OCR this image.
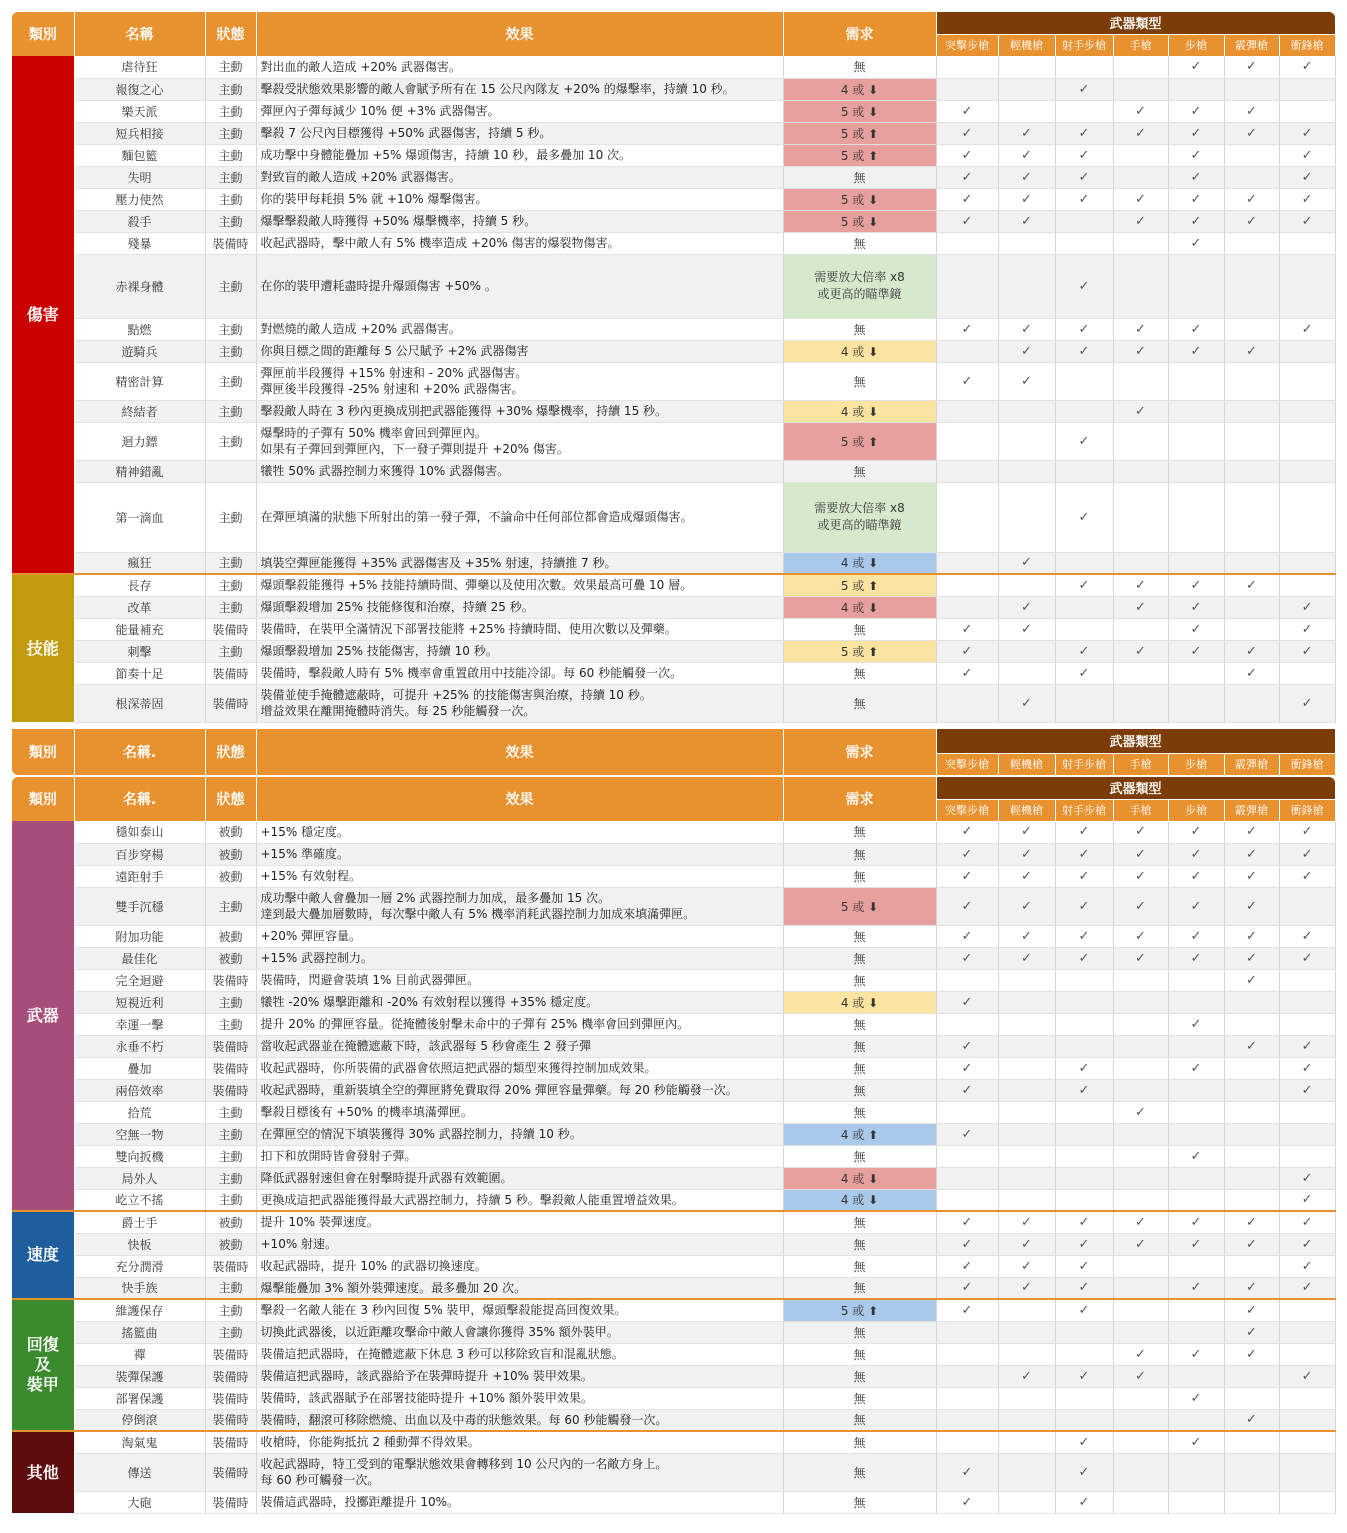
類別	名稱	狀態	效果	需求	武器類型						
					突擊步槍	輕機槍	射手步槍	手槍	步槍	霰彈槍	衝鋒槍
傷害	虐待狂	主動	對出血的敵人造成 +20% 武器傷害。	無					✓	✓	✓
	報復之心	主動	擊殺受狀態效果影響的敵人會賦予所有在 15 公尺內隊友 +20% 的爆擊率，持續 10 秒。	4 或 ⬇			✓				
	樂天派	主動	彈匣內子彈每減少 10% 便 +3% 武器傷害。	5 或 ⬇	✓			✓	✓	✓	
	短兵相接	主動	擊殺 7 公尺內目標獲得 +50% 武器傷害，持續 5 秒。	5 或 ⬆	✓	✓	✓	✓	✓	✓	✓
	麵包籃	主動	成功擊中身體能疊加 +5% 爆頭傷害，持續 10 秒，最多疊加 10 次。	5 或 ⬆	✓	✓	✓		✓		✓
	失明	主動	對致盲的敵人造成 +20% 武器傷害。	無	✓	✓	✓		✓		✓
	壓力使然	主動	你的裝甲每耗損 5% 就 +10% 爆擊傷害。	5 或 ⬇	✓	✓	✓	✓	✓	✓	✓
	殺手	主動	爆擊擊殺敵人時獲得 +50% 爆擊機率，持續 5 秒。	5 或 ⬇	✓	✓		✓	✓	✓	✓
	殘暴	裝備時	收起武器時，擊中敵人有 5% 機率造成 +20% 傷害的爆裂物傷害。	無					✓		
	赤裸身體	主動	在你的裝甲遭耗盡時提升爆頭傷害 +50% 。	需要放大倍率 x8
或更高的瞄準鏡			✓				
	點燃	主動	對燃燒的敵人造成 +20% 武器傷害。	無	✓	✓	✓	✓	✓		✓
	遊騎兵	主動	你與目標之間的距離每 5 公尺賦予 +2% 武器傷害	4 或 ⬇		✓	✓	✓	✓	✓	
	精密計算	主動	彈匣前半段獲得 +15% 射速和 - 20% 武器傷害。
彈匣後半段獲得 -25% 射速和 +20% 武器傷害。	無	✓	✓					
	終結者	主動	擊殺敵人時在 3 秒內更換成別把武器能獲得 +30% 爆擊機率，持續 15 秒。	4 或 ⬇				✓			
	迴力鏢	主動	爆擊時的子彈有 50% 機率會回到彈匣內。
如果有子彈回到彈匣內，下一發子彈則提升 +20% 傷害。	5 或 ⬆			✓				
	精神錯亂		犧牲 50% 武器控制力來獲得 10% 武器傷害。	無							
	第一滴血	主動	在彈匣填滿的狀態下所射出的第一發子彈，不論命中任何部位都會造成爆頭傷害。	需要放大倍率 x8
或更高的瞄準鏡			✓				
	瘋狂	主動	填裝空彈匣能獲得 +35% 武器傷害及 +35% 射速，持續推 7 秒。	4 或 ⬇		✓					
技能	長存	主動	爆頭擊殺能獲得 +5% 技能持續時間、彈藥以及使用次數。效果最高可疊 10 層。	5 或 ⬆			✓	✓	✓	✓	
	改革	主動	爆頭擊殺增加 25% 技能修復和治療，持續 25 秒。	4 或 ⬇		✓		✓	✓		✓
	能量補充	裝備時	裝備時，在裝甲全滿情況下部署技能將 +25% 持續時間、使用次數以及彈藥。	無	✓	✓			✓		✓
	刺擊	主動	爆頭擊殺增加 25% 技能傷害，持續 10 秒。	5 或 ⬆	✓		✓	✓	✓	✓	✓
	節奏十足	裝備時	裝備時，擊殺敵人時有 5% 機率會重置啟用中技能冷卻。每 60 秒能觸發一次。	無	✓		✓			✓	
	根深蒂固	裝備時	裝備並使手掩體遮蔽時，可提升 +25% 的技能傷害與治療，持續 10 秒。
增益效果在離開掩體時消失。每 25 秒能觸發一次。	無		✓					✓
類別	名稱.	狀態	效果	需求	武器類型						
					突擊步槍	輕機槍	射手步槍	手槍	步槍	霰彈槍	衝鋒槍
類別	名稱.	狀態	效果	需求	武器類型						
					突擊步槍	輕機槍	射手步槍	手槍	步槍	霰彈槍	衝鋒槍
武器	穩如泰山	被動	+15% 穩定度。	無	✓	✓	✓	✓	✓	✓	✓
	百步穿楊	被動	+15% 準確度。	無	✓	✓	✓	✓	✓	✓	✓
	遠距射手	被動	+15% 有效射程。	無	✓	✓	✓	✓	✓	✓	✓
	雙手沉穩	主動	成功擊中敵人會疊加一層 2% 武器控制力加成，最多疊加 15 次。
達到最大疊加層數時，每次擊中敵人有 5% 機率消耗武器控制力加成來填滿彈匣。	5 或 ⬇	✓	✓	✓	✓	✓	✓	
	附加功能	被動	+20% 彈匣容量。	無	✓	✓	✓	✓	✓	✓	✓
	最佳化	被動	+15% 武器控制力。	無	✓	✓	✓	✓	✓	✓	✓
	完全迴避	裝備時	裝備時，閃避會裝填 1% 目前武器彈匣。	無						✓	
	短視近利	主動	犧牲 -20% 爆擊距離和 -20% 有效射程以獲得 +35% 穩定度。	4 或 ⬇	✓						
	幸運一擊	主動	提升 20% 的彈匣容量。從掩體後射擊未命中的子彈有 25% 機率會回到彈匣內。	無					✓		
	永垂不朽	裝備時	當收起武器並在掩體遮蔽下時，該武器每 5 秒會產生 2 發子彈	無	✓					✓	✓
	疊加	裝備時	收起武器時，你所裝備的武器會依照這把武器的類型來獲得控制加成效果。	無	✓		✓		✓		✓
	兩倍效率	裝備時	收起武器時，重新裝填全空的彈匣將免費取得 20% 彈匣容量彈藥。每 20 秒能觸發一次。	無	✓		✓				✓
	拾荒	主動	擊殺目標後有 +50% 的機率填滿彈匣。	無				✓			
	空無一物	主動	在彈匣空的情況下填裝獲得 30% 武器控制力，持續 10 秒。	4 或 ⬆	✓						
	雙向扳機	主動	扣下和放開時皆會發射子彈。	無					✓		
	局外人	主動	降低武器射速但會在射擊時提升武器有效範圍。	4 或 ⬇							✓
	屹立不搖	主動	更換成這把武器能獲得最大武器控制力，持續 5 秒。擊殺敵人能重置增益效果。	4 或 ⬇							✓
速度	爵士手	被動	提升 10% 裝彈速度。	無	✓	✓	✓	✓	✓	✓	✓
	快板	被動	+10% 射速。	無	✓	✓	✓	✓	✓	✓	✓
	充分潤滑	裝備時	收起武器時，提升 10% 的武器切換速度。	無	✓	✓	✓				✓
	快手族	主動	爆擊能疊加 3% 額外裝彈速度。最多疊加 20 次。	無	✓	✓	✓		✓	✓	✓

回復
及
裝甲	維護保存	主動	擊殺一名敵人能在 3 秒內回復 5% 裝甲，爆頭擊殺能提高回復效果。	5 或 ⬆	✓		✓			✓	
	搖籃曲	主動	切換此武器後，以近距離攻擊命中敵人會讓你獲得 35% 額外裝甲。	無						✓	
	禪	裝備時	裝備這把武器時，在掩體遮蔽下休息 3 秒可以移除致盲和混亂狀態。	無				✓	✓	✓	
	裝彈保護	裝備時	裝備這把武器時，該武器給予在裝彈時提升 +10% 裝甲效果。	無		✓	✓	✓			✓
	部署保護	裝備時	裝備時，該武器賦予在部署技能時提升 +10% 額外裝甲效果。	無					✓		
	停倒滾	裝備時	裝備時，翻滾可移除燃燒、出血以及中毒的狀態效果。每 60 秒能觸發一次。	無						✓	
其他	淘氣鬼	裝備時	收槍時，你能夠抵抗 2 種動彈不得效果。	無			✓		✓		
	傳送	裝備時	收起武器時，特工受到的電擊狀態效果會轉移到 10 公尺內的一名敵方身上。
每 60 秒可觸發一次。	無	✓		✓				
	大砲	裝備時	裝備這武器時，投擲距離提升 10%。	無	✓		✓				
